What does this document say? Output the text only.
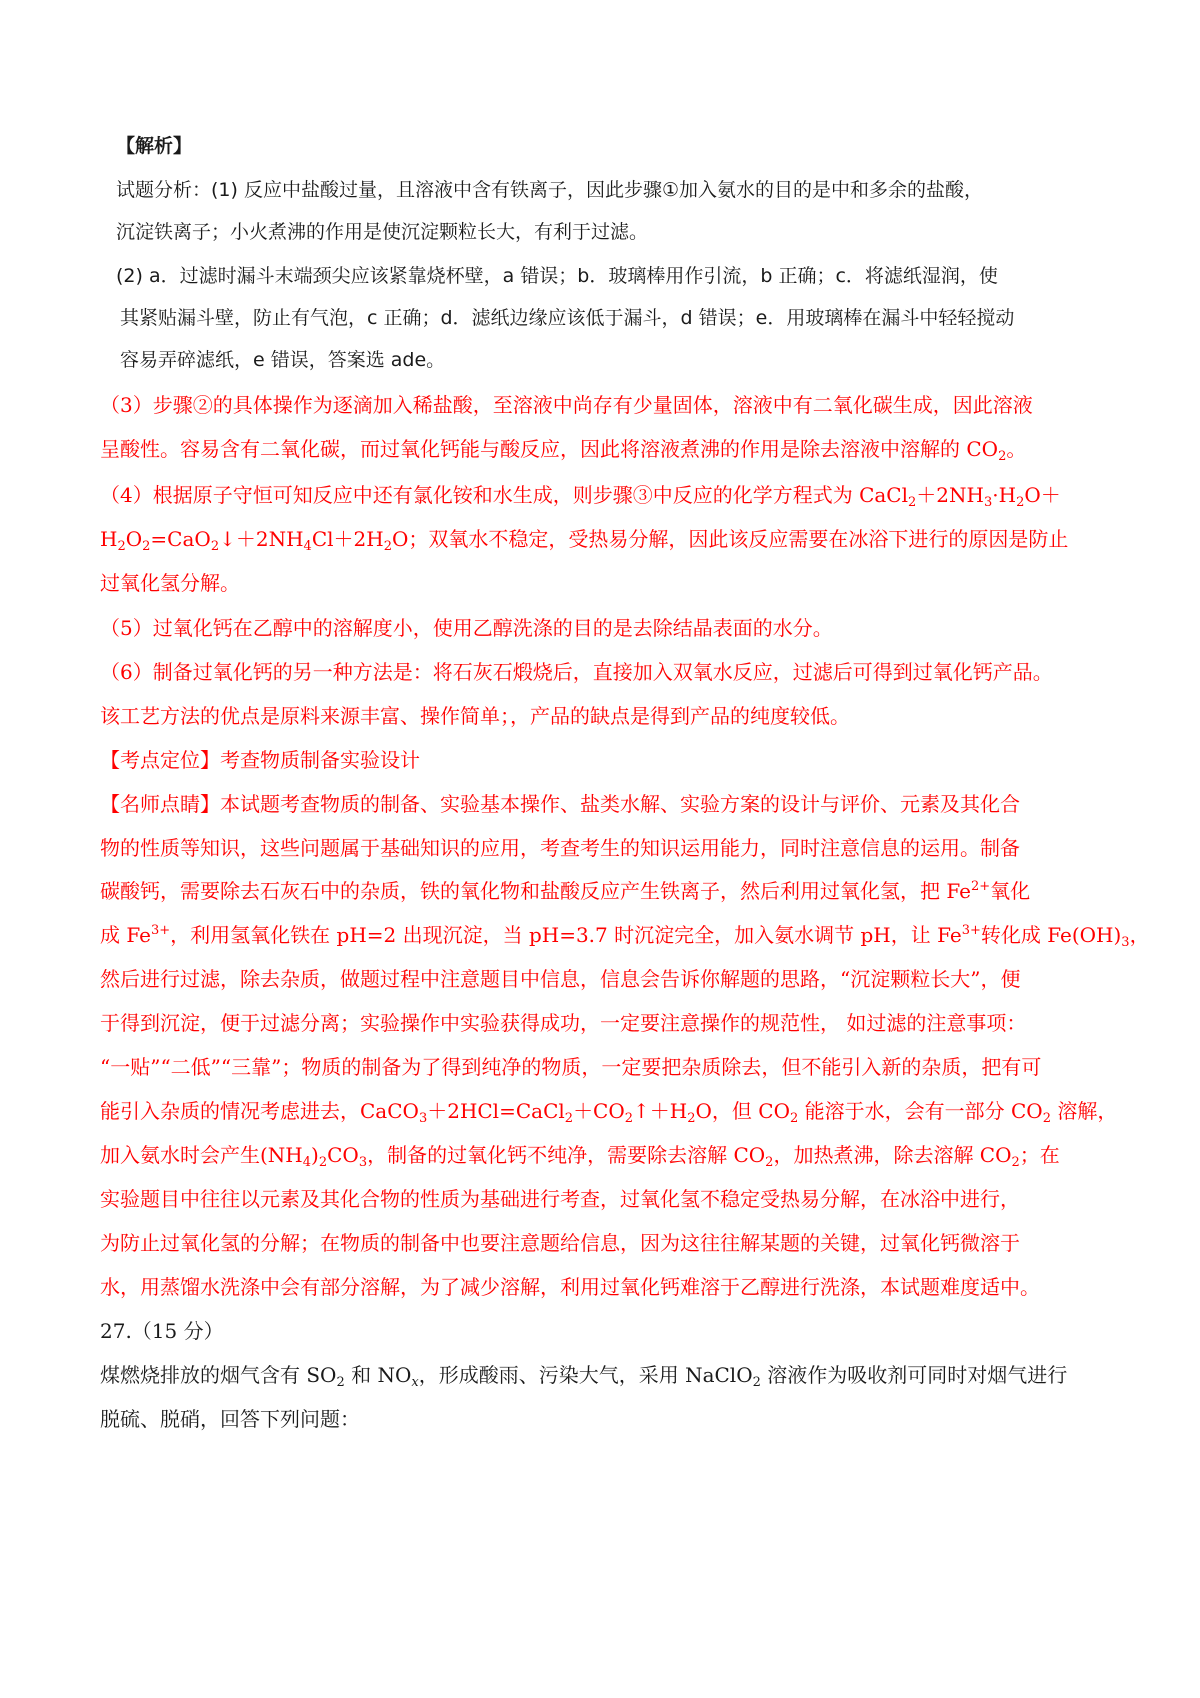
【解析】
试题分析：(1) 反应中盐酸过量，且溶液中含有铁离子，因此步骤①加入氨水的目的是中和多余的盐酸，
沉淀铁离子；小火煮沸的作用是使沉淀颗粒长大，有利于过滤。
(2) a．过滤时漏斗末端颈尖应该紧靠烧杯壁，a 错误；b．玻璃棒用作引流，b 正确；c．将滤纸湿润，使
其紧贴漏斗壁，防止有气泡，c 正确；d．滤纸边缘应该低于漏斗，d 错误；e．用玻璃棒在漏斗中轻轻搅动
容易弄碎滤纸，e 错误，答案选 ade。
（3）步骤②的具体操作为逐滴加入稀盐酸，至溶液中尚存有少量固体，溶液中有二氧化碳生成，因此溶液
呈酸性。容易含有二氧化碳，而过氧化钙能与酸反应，因此将溶液煮沸的作用是除去溶液中溶解的 $CO_2$。
（4）根据原子守恒可知反应中还有氯化铵和水生成，则步骤③中反应的化学方程式为 $CaCl_2+2NH_3\cdot H_2O+$
$H_2O_2=CaO_2↓+2NH_4Cl+2H_2O$；双氧水不稳定，受热易分解，因此该反应需要在冰浴下进行的原因是防止
过氧化氢分解。
（5）过氧化钙在乙醇中的溶解度小，使用乙醇洗涤的目的是去除结晶表面的水分。
（6）制备过氧化钙的另一种方法是：将石灰石煅烧后，直接加入双氧水反应，过滤后可得到过氧化钙产品。
该工艺方法的优点是原料来源丰富、操作简单；，产品的缺点是得到产品的纯度较低。
【考点定位】考查物质制备实验设计
【名师点睛】本试题考查物质的制备、实验基本操作、盐类水解、实验方案的设计与评价、元素及其化合
物的性质等知识，这些问题属于基础知识的应用，考查考生的知识运用能力，同时注意信息的运用。制备
碳酸钙，需要除去石灰石中的杂质，铁的氧化物和盐酸反应产生铁离子，然后利用过氧化氢，把 $Fe^{2+}$氧化
成 $Fe^{3+}$，利用氢氧化铁在 pH=2 出现沉淀，当 pH=3.7 时沉淀完全，加入氨水调节 pH，让 $Fe^{3+}$转化成 $Fe(OH)_3$，
然后进行过滤，除去杂质，做题过程中注意题目中信息，信息会告诉你解题的思路，“沉淀颗粒长大”，便
于得到沉淀，便于过滤分离；实验操作中实验获得成功，一定要注意操作的规范性， 如过滤的注意事项：
“一贴”“二低”“三靠”；物质的制备为了得到纯净的物质，一定要把杂质除去，但不能引入新的杂质，把有可
能引入杂质的情况考虑进去，$CaCO_3+2HCl=CaCl_2+CO_2↑+H_2O$，但 $CO_2$ 能溶于水，会有一部分 $CO_2$ 溶解，
加入氨水时会产生$(NH_4)_2CO_3$，制备的过氧化钙不纯净，需要除去溶解 $CO_2$，加热煮沸，除去溶解 $CO_2$；在
实验题目中往往以元素及其化合物的性质为基础进行考查，过氧化氢不稳定受热易分解，在冰浴中进行，
为防止过氧化氢的分解；在物质的制备中也要注意题给信息，因为这往往解某题的关键，过氧化钙微溶于
水，用蒸馏水洗涤中会有部分溶解，为了减少溶解，利用过氧化钙难溶于乙醇进行洗涤，本试题难度适中。
27.（15 分）
煤燃烧排放的烟气含有 $SO_2$ 和 $NO_x$，形成酸雨、污染大气，采用 NaClO$_2$ 溶液作为吸收剂可同时对烟气进行
脱硫、脱硝，回答下列问题：
